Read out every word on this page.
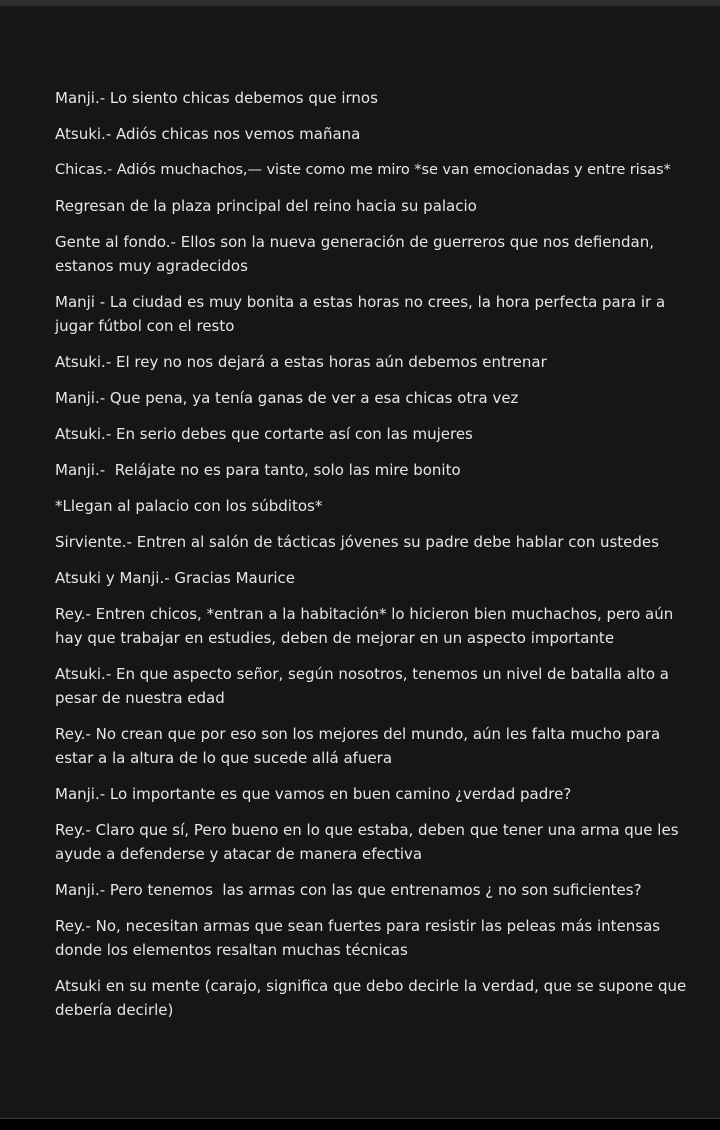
Manji.- Lo siento chicas debemos que irnos

Atsuki.- Adiós chicas nos vemos mañana

Chicas.- Adiós muchachos,— viste como me miro *se van emocionadas y entre risas*

Regresan de la plaza principal del reino hacia su palacio

Gente al fondo.- Ellos son la nueva generación de guerreros que nos defiendan, estanos muy agradecidos

Manji - La ciudad es muy bonita a estas horas no crees, la hora perfecta para ir a jugar fútbol con el resto

Atsuki.- El rey no nos dejará a estas horas aún debemos entrenar

Manji.- Que pena, ya tenía ganas de ver a esa chicas otra vez

Atsuki.- En serio debes que cortarte así con las mujeres

Manji.-  Relájate no es para tanto, solo las mire bonito

*Llegan al palacio con los súbditos*

Sirviente.- Entren al salón de tácticas jóvenes su padre debe hablar con ustedes

Atsuki y Manji.- Gracias Maurice

Rey.- Entren chicos, *entran a la habitación* lo hicieron bien muchachos, pero aún hay que trabajar en estudies, deben de mejorar en un aspecto importante

Atsuki.- En que aspecto señor, según nosotros, tenemos un nivel de batalla alto a pesar de nuestra edad

Rey.- No crean que por eso son los mejores del mundo, aún les falta mucho para estar a la altura de lo que sucede allá afuera

Manji.- Lo importante es que vamos en buen camino ¿verdad padre?

Rey.- Claro que sí, Pero bueno en lo que estaba, deben que tener una arma que les ayude a defenderse y atacar de manera efectiva

Manji.- Pero tenemos  las armas con las que entrenamos ¿ no son suficientes?

Rey.- No, necesitan armas que sean fuertes para resistir las peleas más intensas donde los elementos resaltan muchas técnicas

Atsuki en su mente (carajo, significa que debo decirle la verdad, que se supone que debería decirle)
